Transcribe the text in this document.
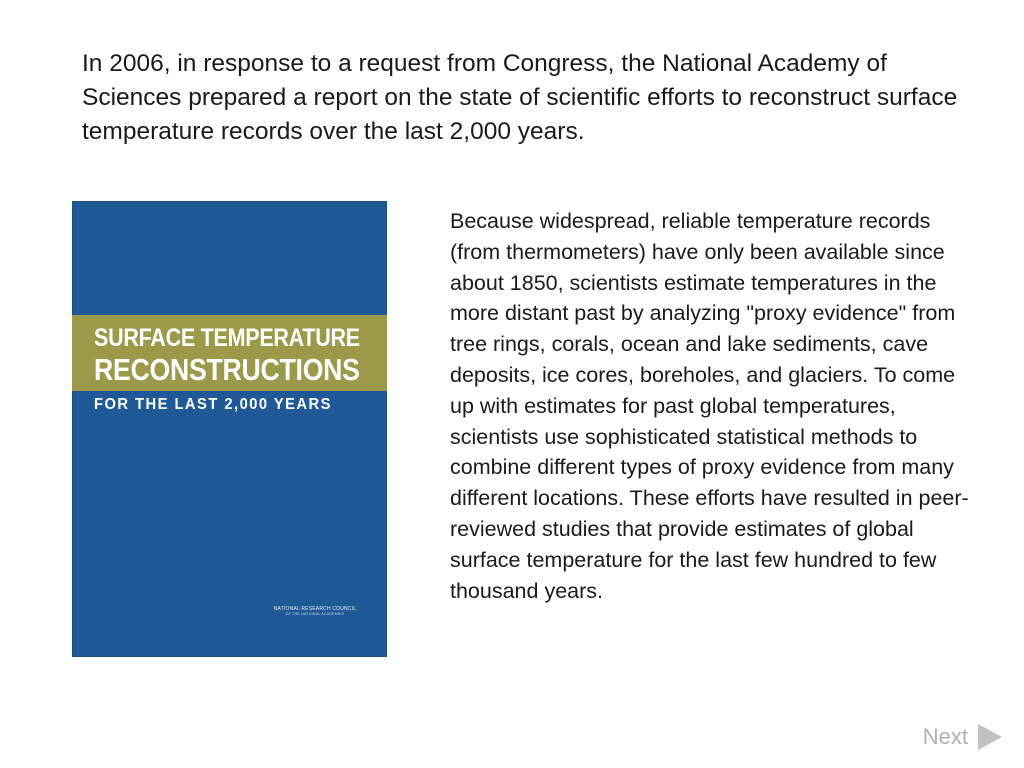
In 2006, in response to a request from Congress, the National Academy of Sciences prepared a report on the state of scientific efforts to reconstruct surface temperature records over the last 2,000 years.

SURFACE TEMPERATURE
RECONSTRUCTIONS
FOR THE LAST 2,000 YEARS
NATIONAL RESEARCH COUNCIL
OF THE NATIONAL ACADEMIES

Because widespread, reliable temperature records (from thermometers) have only been available since about 1850, scientists estimate temperatures in the more distant past by analyzing "proxy evidence" from tree rings, corals, ocean and lake sediments, cave deposits, ice cores, boreholes, and glaciers. To come up with estimates for past global temperatures, scientists use sophisticated statistical methods to combine different types of proxy evidence from many different locations. These efforts have resulted in peer-reviewed studies that provide estimates of global surface temperature for the last few hundred to few thousand years.

Next
